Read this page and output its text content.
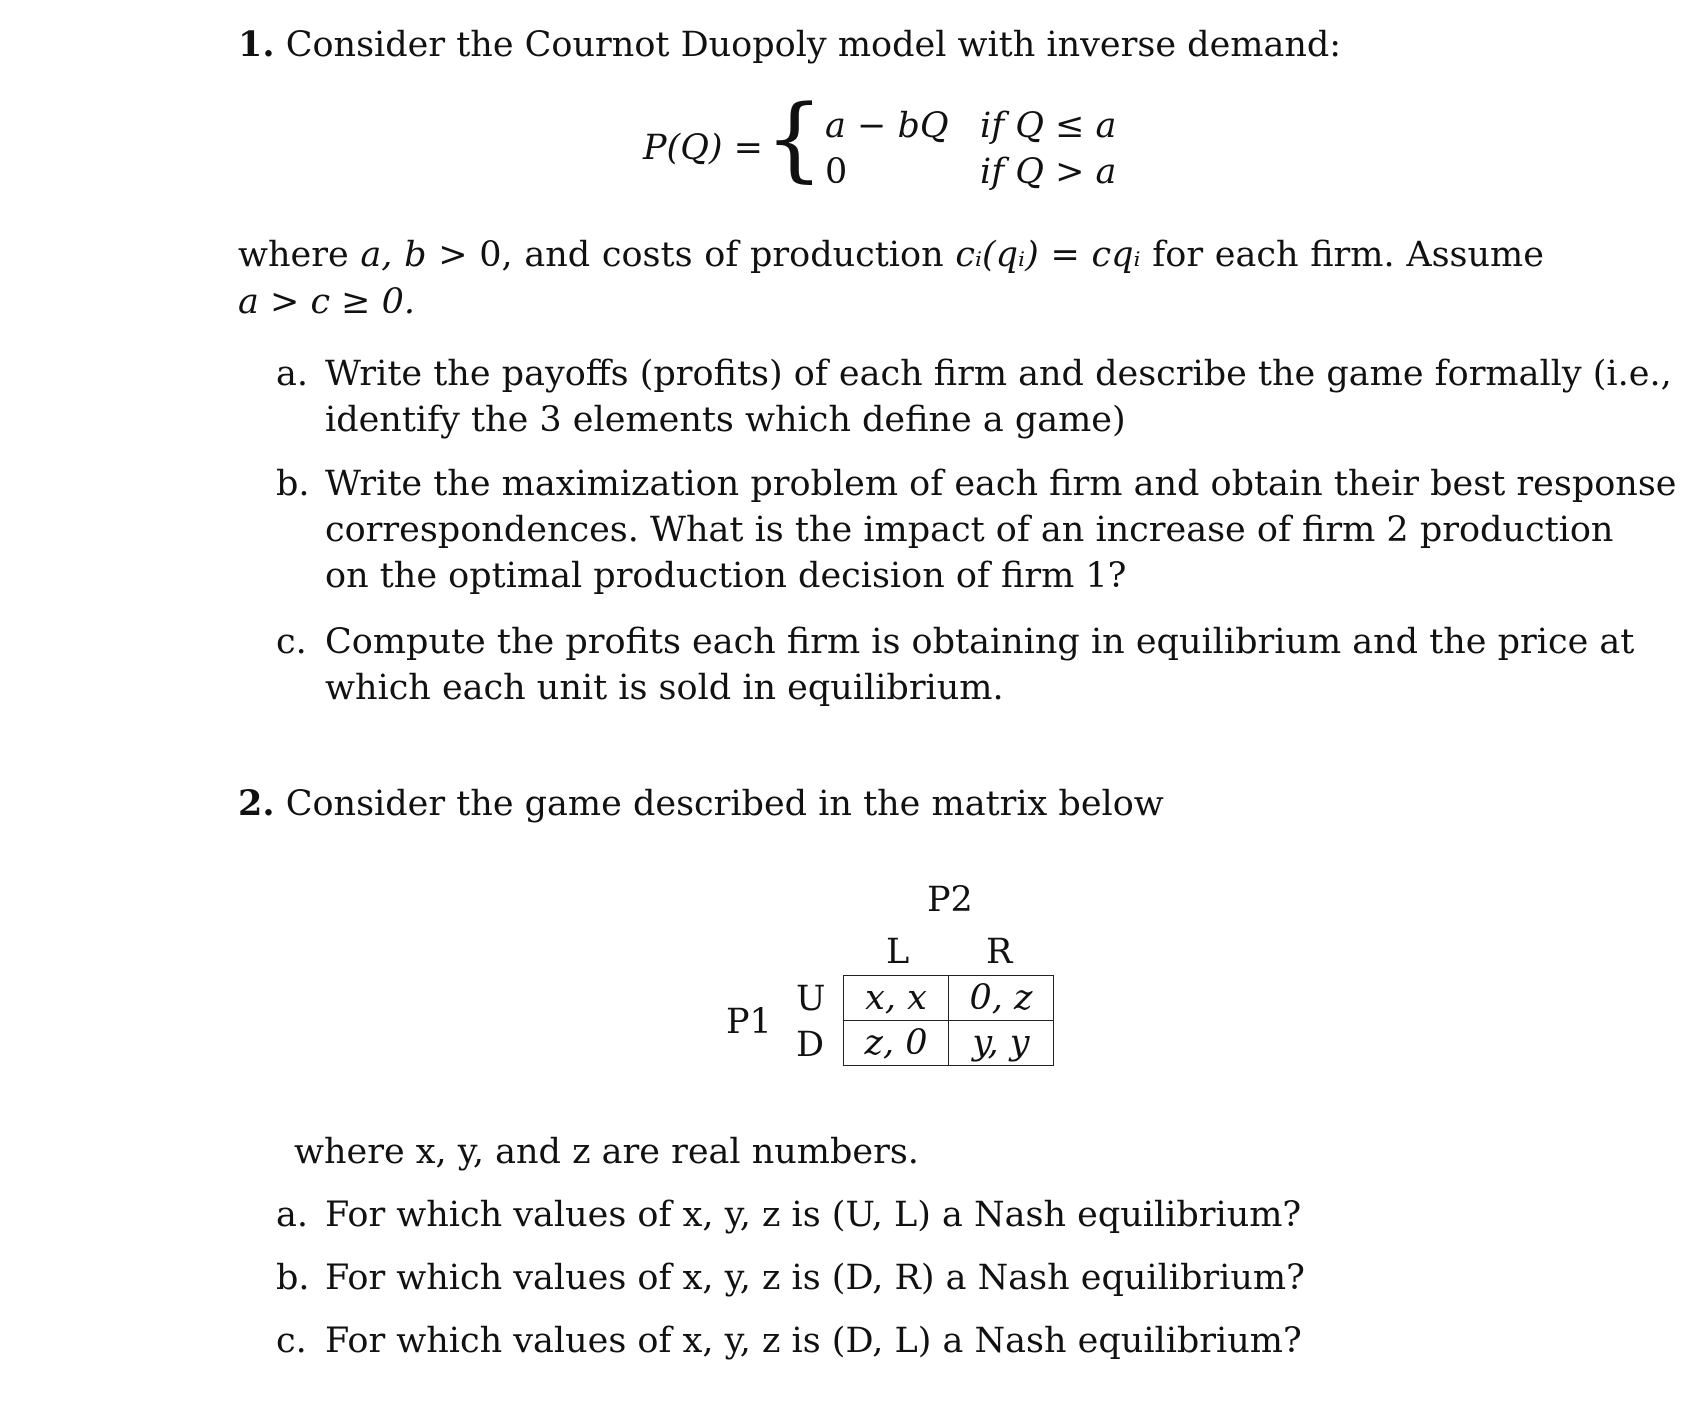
1. Consider the Cournot Duopoly model with inverse demand:
P(Q) = { a − bQ if Q ≤ a
0	if Q > a
where a, b > 0, and costs of production cᵢ(qᵢ) = cqᵢ for each firm. Assume
a > c ≥ 0.
a. Write the payoffs (profits) of each firm and describe the game formally (i.e.,
identify the 3 elements which define a game)
b. Write the maximization problem of each firm and obtain their best response
correspondences. What is the impact of an increase of firm 2 production
on the optimal production decision of firm 1?
c. Compute the profits each firm is obtaining in equilibrium and the price at
which each unit is sold in equilibrium.
2. Consider the game described in the matrix below
P2
L R
P1
U
D
x, x	0, z
z, 0	y, y
where x, y, and z are real numbers.
a. For which values of x, y, z is (U, L) a Nash equilibrium?
b. For which values of x, y, z is (D, R) a Nash equilibrium?
c. For which values of x, y, z is (D, L) a Nash equilibrium?
